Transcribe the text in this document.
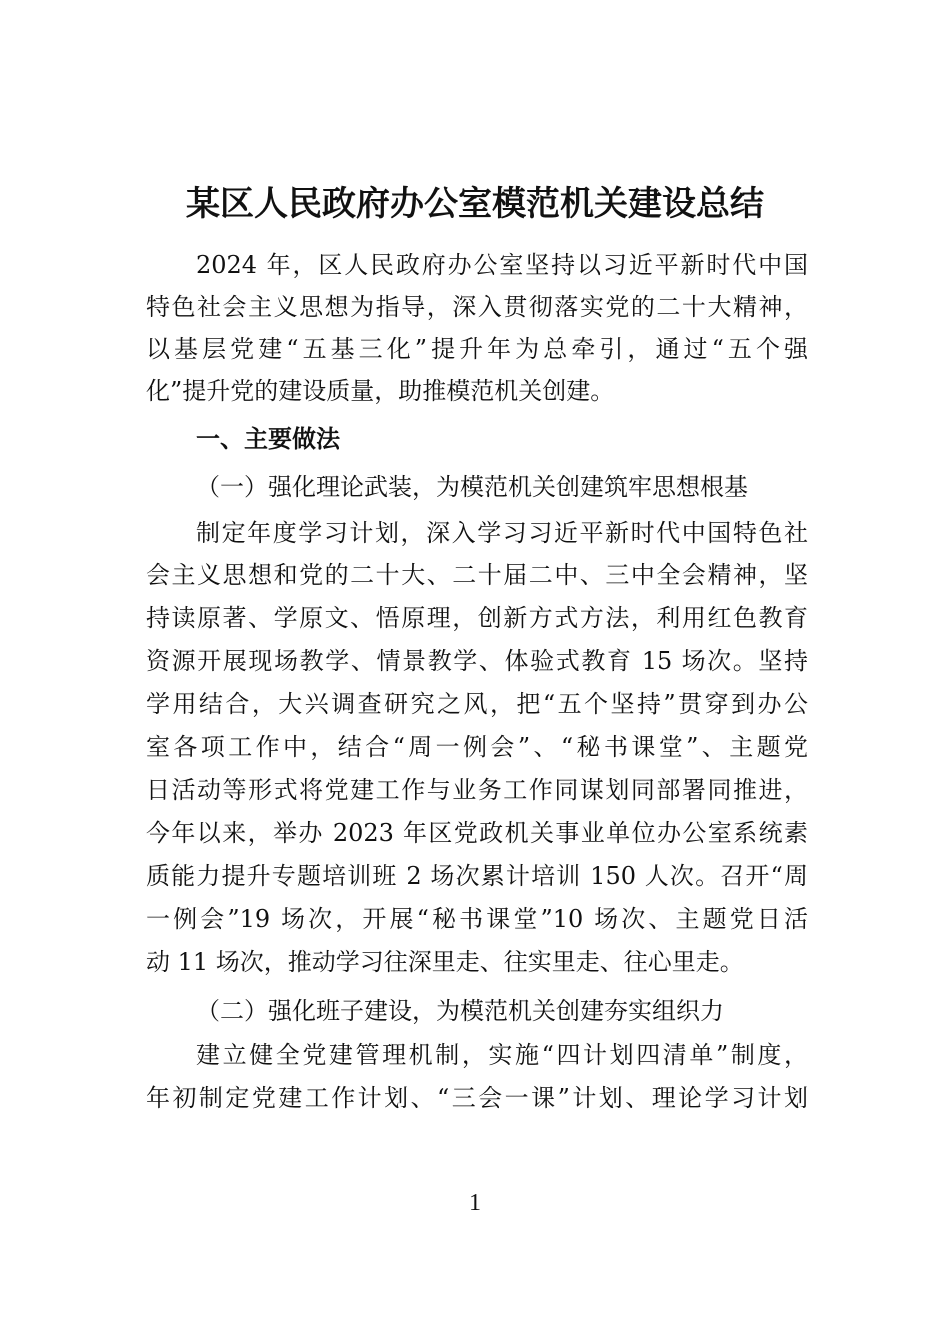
某区人民政府办公室模范机关建设总结
2024 年，区人民政府办公室坚持以习近平新时代中国
特色社会主义思想为指导，深入贯彻落实党的二十大精神，
以基层党建“五基三化”提升年为总牵引，通过“五个强
化”提升党的建设质量，助推模范机关创建。
一、主要做法
（一）强化理论武装，为模范机关创建筑牢思想根基
制定年度学习计划，深入学习习近平新时代中国特色社
会主义思想和党的二十大、二十届二中、三中全会精神，坚
持读原著、学原文、悟原理，创新方式方法，利用红色教育
资源开展现场教学、情景教学、体验式教育 15 场次。坚持
学用结合，大兴调查研究之风，把“五个坚持”贯穿到办公
室各项工作中，结合“周一例会”、“秘书课堂”、主题党
日活动等形式将党建工作与业务工作同谋划同部署同推进，
今年以来，举办 2023 年区党政机关事业单位办公室系统素
质能力提升专题培训班 2 场次累计培训 150 人次。召开“周
一例会”19 场次，开展“秘书课堂”10 场次、主题党日活
动 11 场次，推动学习往深里走、往实里走、往心里走。
（二）强化班子建设，为模范机关创建夯实组织力
建立健全党建管理机制，实施“四计划四清单”制度，
年初制定党建工作计划、“三会一课”计划、理论学习计划
1
